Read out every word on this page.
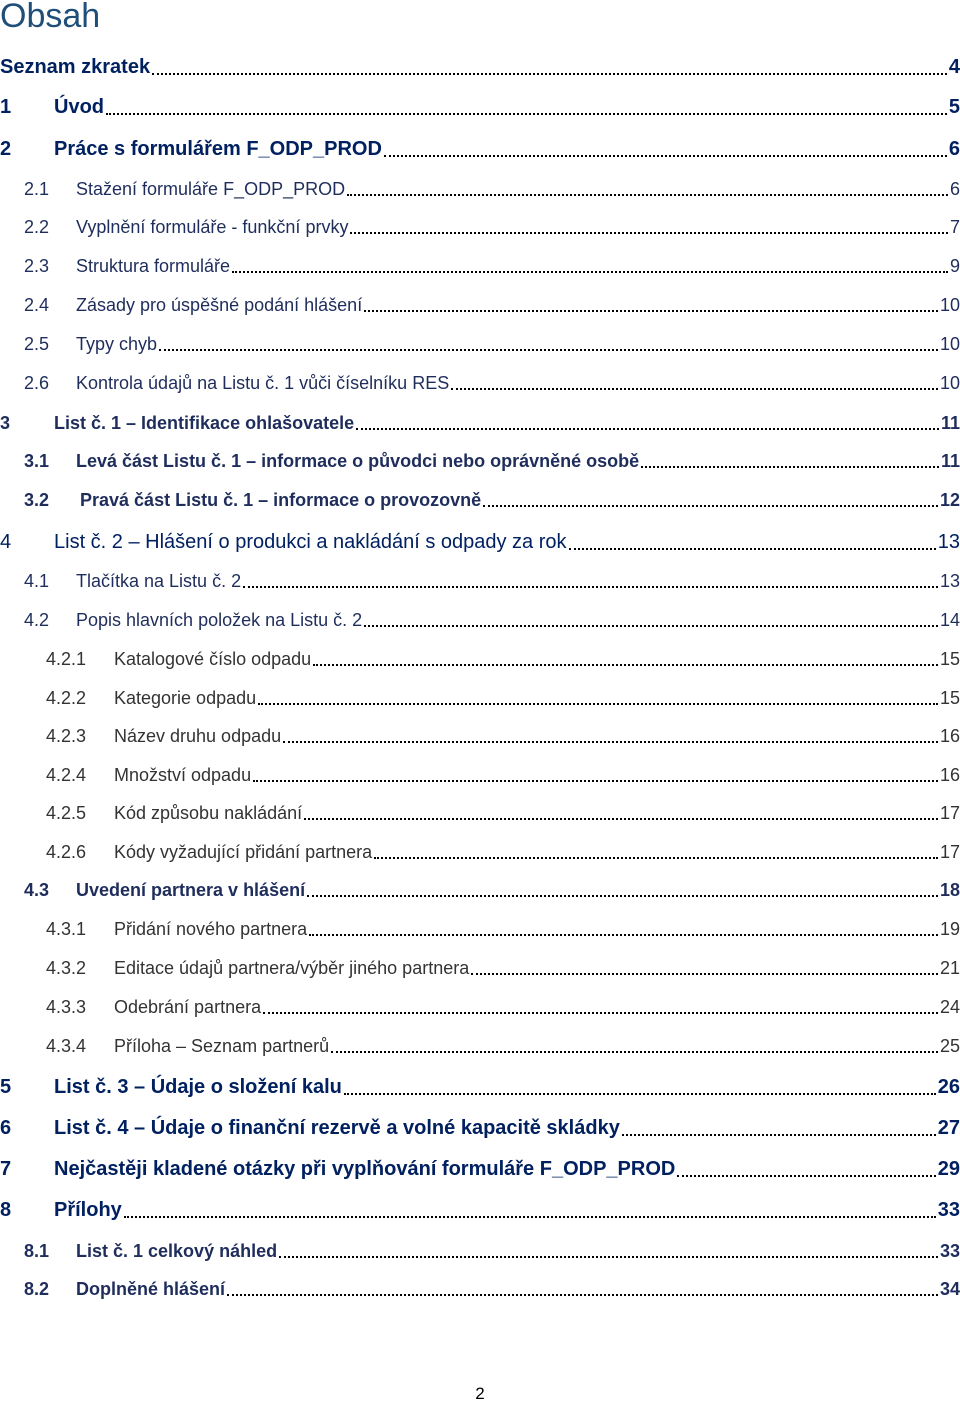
Obsah
Seznam zkratek	4
1	Úvod	5
2	Práce s formulářem F_ODP_PROD	6
2.1	Stažení formuláře F_ODP_PROD	6
2.2	Vyplnění formuláře - funkční prvky	7
2.3	Struktura formuláře	9
2.4	Zásady pro úspěšné podání hlášení	10
2.5	Typy chyb	10
2.6	Kontrola údajů na Listu č. 1 vůči číselníku RES	10
3	List č. 1 – Identifikace ohlašovatele	11
3.1	Levá část Listu č. 1 – informace o původci nebo oprávněné osobě	11
3.2	Pravá část Listu č. 1 – informace o provozovně	12
4	List č. 2 – Hlášení o produkci a nakládání s odpady za rok	13
4.1	Tlačítka na Listu č. 2	13
4.2	Popis hlavních položek na Listu č. 2	14
4.2.1	Katalogové číslo odpadu	15
4.2.2	Kategorie odpadu	15
4.2.3	Název druhu odpadu	16
4.2.4	Množství odpadu	16
4.2.5	Kód způsobu nakládání	17
4.2.6	Kódy vyžadující přidání partnera	17
4.3	Uvedení partnera v hlášení	18
4.3.1	Přidání nového partnera	19
4.3.2	Editace údajů partnera/výběr jiného partnera	21
4.3.3	Odebrání partnera	24
4.3.4	Příloha – Seznam partnerů	25
5	List č. 3 – Údaje o složení kalu	26
6	List č. 4 – Údaje o finanční rezervě a volné kapacitě skládky	27
7	Nejčastěji kladené otázky při vyplňování formuláře F_ODP_PROD	29
8	Přílohy	33
8.1	List č. 1 celkový náhled	33
8.2	Doplněné hlášení	34
2
